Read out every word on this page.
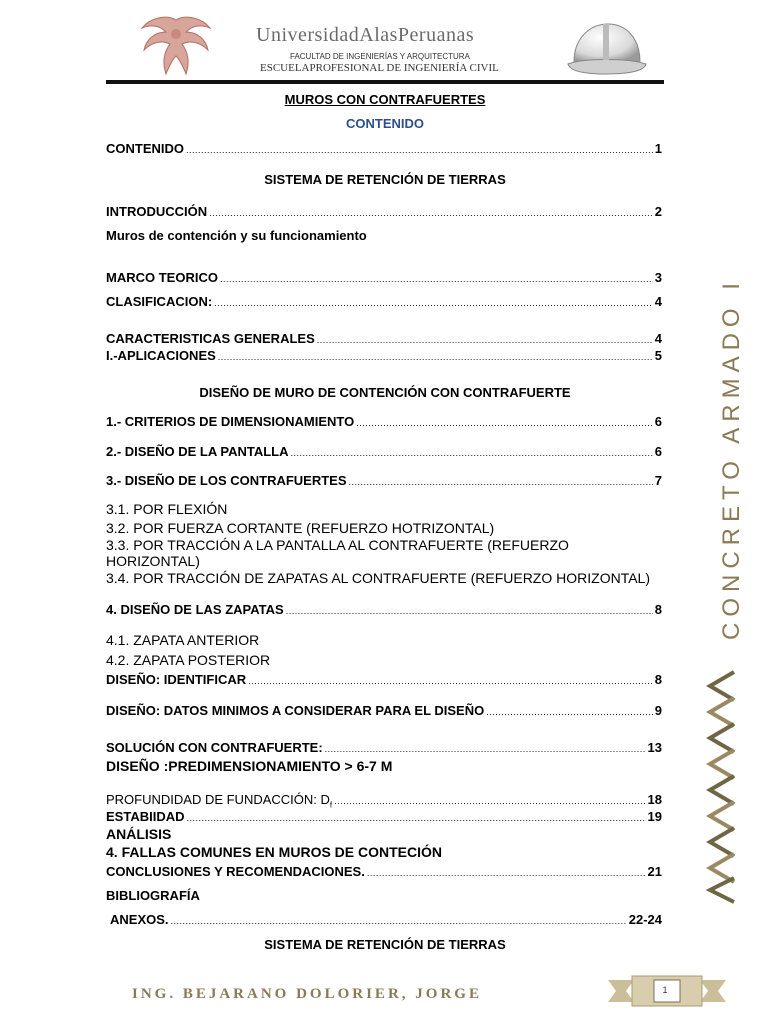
UniversidadAlasPeruanas
FACULTAD DE INGENIERÍAS Y ARQUITECTURA
ESCUELAPROFESIONAL DE INGENIERÍA CIVIL
MUROS CON CONTRAFUERTES
CONTENIDO
CONTENIDO .....	1
SISTEMA DE RETENCIÓN DE TIERRAS
INTRODUCCIÓN .....	2
Muros de contención y su funcionamiento
MARCO TEORICO .....	3
CLASIFICACION: .....	4
CARACTERISTICAS GENERALES .....	4
I.-APLICACIONES .....	5
DISEÑO DE MURO DE CONTENCIÓN CON CONTRAFUERTE
1.- CRITERIOS DE DIMENSIONAMIENTO .....	6
2.- DISEÑO DE LA PANTALLA .....	6
3.- DISEÑO DE LOS CONTRAFUERTES .....	7
3.1. POR FLEXIÓN
3.2. POR FUERZA CORTANTE (REFUERZO HOTRIZONTAL)
3.3. POR TRACCIÓN A LA PANTALLA AL CONTRAFUERTE (REFUERZO
HORIZONTAL)
3.4. POR TRACCIÓN DE ZAPATAS AL CONTRAFUERTE (REFUERZO HORIZONTAL)
4. DISEÑO DE LAS ZAPATAS .....	8
4.1. ZAPATA ANTERIOR
4.2. ZAPATA POSTERIOR
DISEÑO: IDENTIFICAR .....	8
DISEÑO: DATOS MINIMOS A CONSIDERAR PARA EL DISEÑO .....	9
SOLUCIÓN CON CONTRAFUERTE: .....	13
DISEÑO :PREDIMENSIONAMIENTO > 6-7 M
PROFUNDIDAD DE FUNDACCIÓN: $D_f$ .....	18
ESTABIIDAD .....	19
ANÁLISIS
4. FALLAS COMUNES EN MUROS DE CONTECIÓN
CONCLUSIONES Y RECOMENDACIONES. .....	21
BIBLIOGRAFÍA
ANEXOS. .....	22-24
SISTEMA DE RETENCIÓN DE TIERRAS
CONCRETO ARMADO I
ING. BEJARANO DOLORIER, JORGE	1
